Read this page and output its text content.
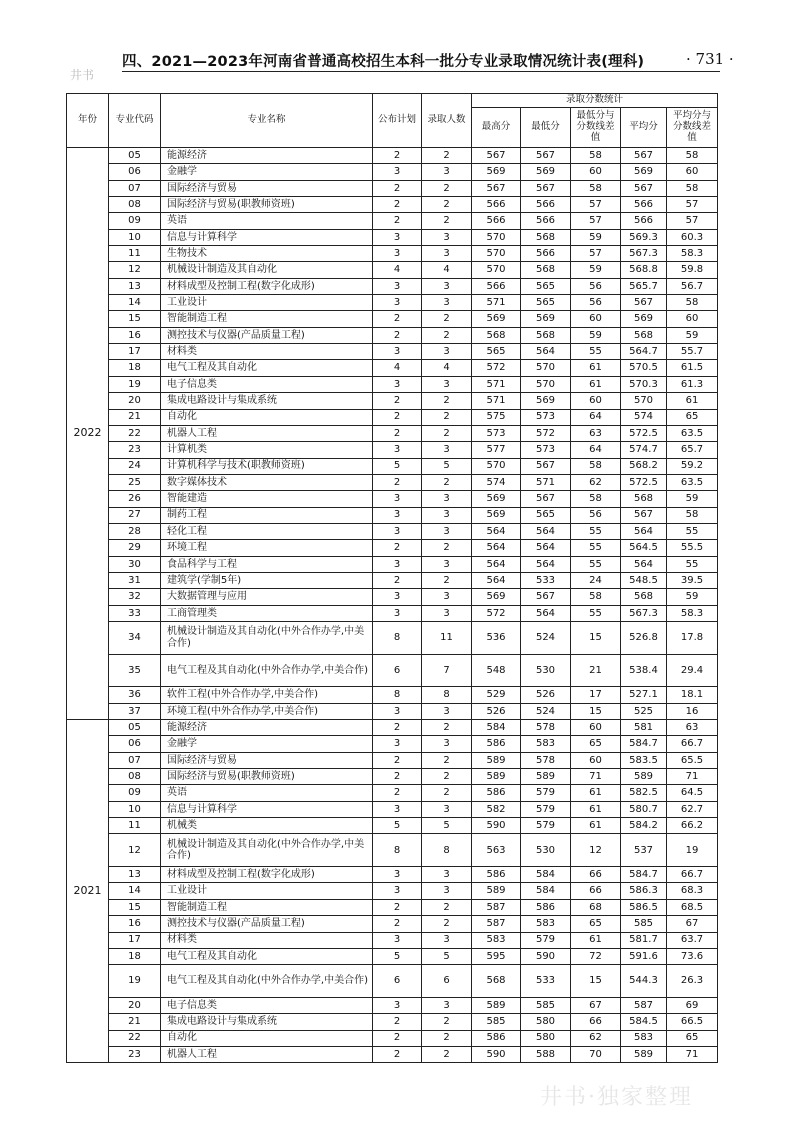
井书
四、2021—2023年河南省普通高校招生本科一批分专业录取情况统计表(理科)	· 731 ·
年份	专业代码	专业名称	公布计划	录取人数	录取分数统计				
					最高分	最低分	最低分与分数线差值	平均分	平均分与分数线差值
2022	05	能源经济	2	2	567	567	58	567	58
	06	金融学	3	3	569	569	60	569	60
	07	国际经济与贸易	2	2	567	567	58	567	58
	08	国际经济与贸易(职教师资班)	2	2	566	566	57	566	57
	09	英语	2	2	566	566	57	566	57
	10	信息与计算科学	3	3	570	568	59	569.3	60.3
	11	生物技术	3	3	570	566	57	567.3	58.3
	12	机械设计制造及其自动化	4	4	570	568	59	568.8	59.8
	13	材料成型及控制工程(数字化成形)	3	3	566	565	56	565.7	56.7
	14	工业设计	3	3	571	565	56	567	58
	15	智能制造工程	2	2	569	569	60	569	60
	16	测控技术与仪器(产品质量工程)	2	2	568	568	59	568	59
	17	材料类	3	3	565	564	55	564.7	55.7
	18	电气工程及其自动化	4	4	572	570	61	570.5	61.5
	19	电子信息类	3	3	571	570	61	570.3	61.3
	20	集成电路设计与集成系统	2	2	571	569	60	570	61
	21	自动化	2	2	575	573	64	574	65
	22	机器人工程	2	2	573	572	63	572.5	63.5
	23	计算机类	3	3	577	573	64	574.7	65.7
	24	计算机科学与技术(职教师资班)	5	5	570	567	58	568.2	59.2
	25	数字媒体技术	2	2	574	571	62	572.5	63.5
	26	智能建造	3	3	569	567	58	568	59
	27	制药工程	3	3	569	565	56	567	58
	28	轻化工程	3	3	564	564	55	564	55
	29	环境工程	2	2	564	564	55	564.5	55.5
	30	食品科学与工程	3	3	564	564	55	564	55
	31	建筑学(学制5年)	2	2	564	533	24	548.5	39.5
	32	大数据管理与应用	3	3	569	567	58	568	59
	33	工商管理类	3	3	572	564	55	567.3	58.3
	34	机械设计制造及其自动化(中外合作办学,中美合作)	8	11	536	524	15	526.8	17.8
	35	电气工程及其自动化(中外合作办学,中美合作)	6	7	548	530	21	538.4	29.4
	36	软件工程(中外合作办学,中美合作)	8	8	529	526	17	527.1	18.1
	37	环境工程(中外合作办学,中美合作)	3	3	526	524	15	525	16
2021	05	能源经济	2	2	584	578	60	581	63
	06	金融学	3	3	586	583	65	584.7	66.7
	07	国际经济与贸易	2	2	589	578	60	583.5	65.5
	08	国际经济与贸易(职教师资班)	2	2	589	589	71	589	71
	09	英语	2	2	586	579	61	582.5	64.5
	10	信息与计算科学	3	3	582	579	61	580.7	62.7
	11	机械类	5	5	590	579	61	584.2	66.2
	12	机械设计制造及其自动化(中外合作办学,中美合作)	8	8	563	530	12	537	19
	13	材料成型及控制工程(数字化成形)	3	3	586	584	66	584.7	66.7
	14	工业设计	3	3	589	584	66	586.3	68.3
	15	智能制造工程	2	2	587	586	68	586.5	68.5
	16	测控技术与仪器(产品质量工程)	2	2	587	583	65	585	67
	17	材料类	3	3	583	579	61	581.7	63.7
	18	电气工程及其自动化	5	5	595	590	72	591.6	73.6
	19	电气工程及其自动化(中外合作办学,中美合作)	6	6	568	533	15	544.3	26.3
	20	电子信息类	3	3	589	585	67	587	69
	21	集成电路设计与集成系统	2	2	585	580	66	584.5	66.5
	22	自动化	2	2	586	580	62	583	65
	23	机器人工程	2	2	590	588	70	589	71
井书·独家整理
